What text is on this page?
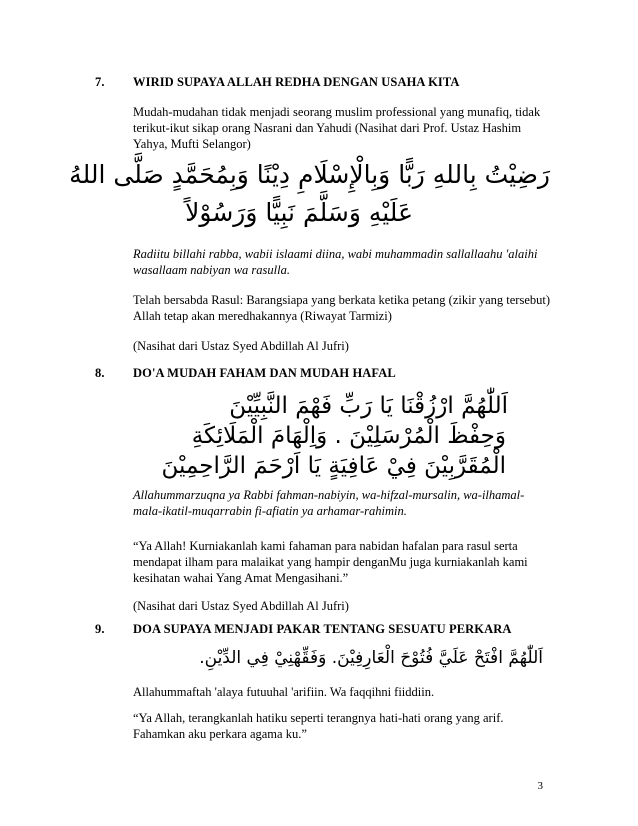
7. WIRID SUPAYA ALLAH REDHA DENGAN USAHA KITA
Mudah-mudahan tidak menjadi seorang muslim professional yang munafiq, tidak terikut-ikut sikap orang Nasrani dan Yahudi (Nasihat dari Prof. Ustaz Hashim Yahya, Mufti Selangor)
رَضِيْتُ بِاللهِ رَبًّا وَبِالْإِسْلَامِ دِيْنًا وَبِمُحَمَّدٍ صَلَّى اللهُ
عَلَيْهِ وَسَلَّمَ نَبِيًّا وَرَسُوْلاً
Radiitu billahi rabba, wabii islaami diina, wabi muhammadin sallallaahu 'alaihi wasallaam nabiyan wa rasulla.
Telah bersabda Rasul: Barangsiapa yang berkata ketika petang (zikir yang tersebut) Allah tetap akan meredhakannya (Riwayat Tarmizi)
(Nasihat dari Ustaz Syed Abdillah Al Jufri)
8. DO'A MUDAH FAHAM DAN MUDAH HAFAL
اَللّٰهُمَّ ارْزُقْنَا يَا رَبِّ فَهْمَ النَّبِيِّيْنَ
وَحِفْظَ الْمُرْسَلِيْنَ . وَاِلْهَامَ الْمَلَائِكَةِ
الْمُقَرَّبِيْنَ فِيْ عَافِيَةٍ يَا اَرْحَمَ الرَّاحِمِيْنَ
Allahummarzuqna ya Rabbi fahman-nabiyin, wa-hifzal-mursalin, wa-ilhamal-mala-ikatil-muqarrabin fi-afiatin ya arhamar-rahimin.
“Ya Allah! Kurniakanlah kami fahaman para nabidan hafalan para rasul serta mendapat ilham para malaikat yang hampir denganMu juga kurniakanlah kami kesihatan wahai Yang Amat Mengasihani.”
(Nasihat dari Ustaz Syed Abdillah Al Jufri)
9. DOA SUPAYA MENJADI PAKAR TENTANG SESUATU PERKARA
اَللّٰهُمَّ افْتَحْ عَلَيَّ فُتُوْحَ الْعَارِفِيْنَ. وَفَقِّهْنِيْ فِي الدِّيْنِ.
Allahummaftah 'alaya futuuhal 'arifiin. Wa faqqihni fiiddiin.
“Ya Allah, terangkanlah hatiku seperti terangnya hati-hati orang yang arif. Fahamkan aku perkara agama ku.”
3
